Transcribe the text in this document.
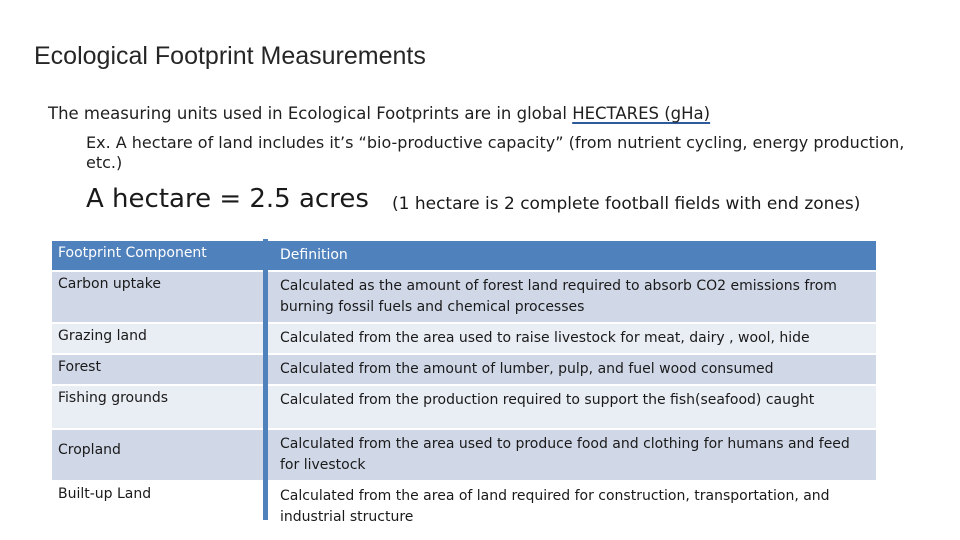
Ecological Footprint Measurements
The measuring units used in Ecological Footprints are in global HECTARES (gHa)
Ex. A hectare of land includes it’s “bio-productive capacity” (from nutrient cycling, energy production, etc.)
A hectare = 2.5 acres (1 hectare is 2 complete football fields with end zones)
Footprint Component	Definition
Carbon uptake	Calculated as the amount of forest land required to absorb CO2 emissions from burning fossil fuels and chemical processes
Grazing land	Calculated from the area used to raise livestock for meat, dairy , wool, hide
Forest	Calculated from the amount of lumber, pulp, and fuel wood consumed
Fishing grounds	Calculated from the production required to support the fish(seafood) caught
Cropland	Calculated from the area used to produce food and clothing for humans and feed for livestock
Built-up Land	Calculated from the area of land required for construction, transportation, and industrial structure
